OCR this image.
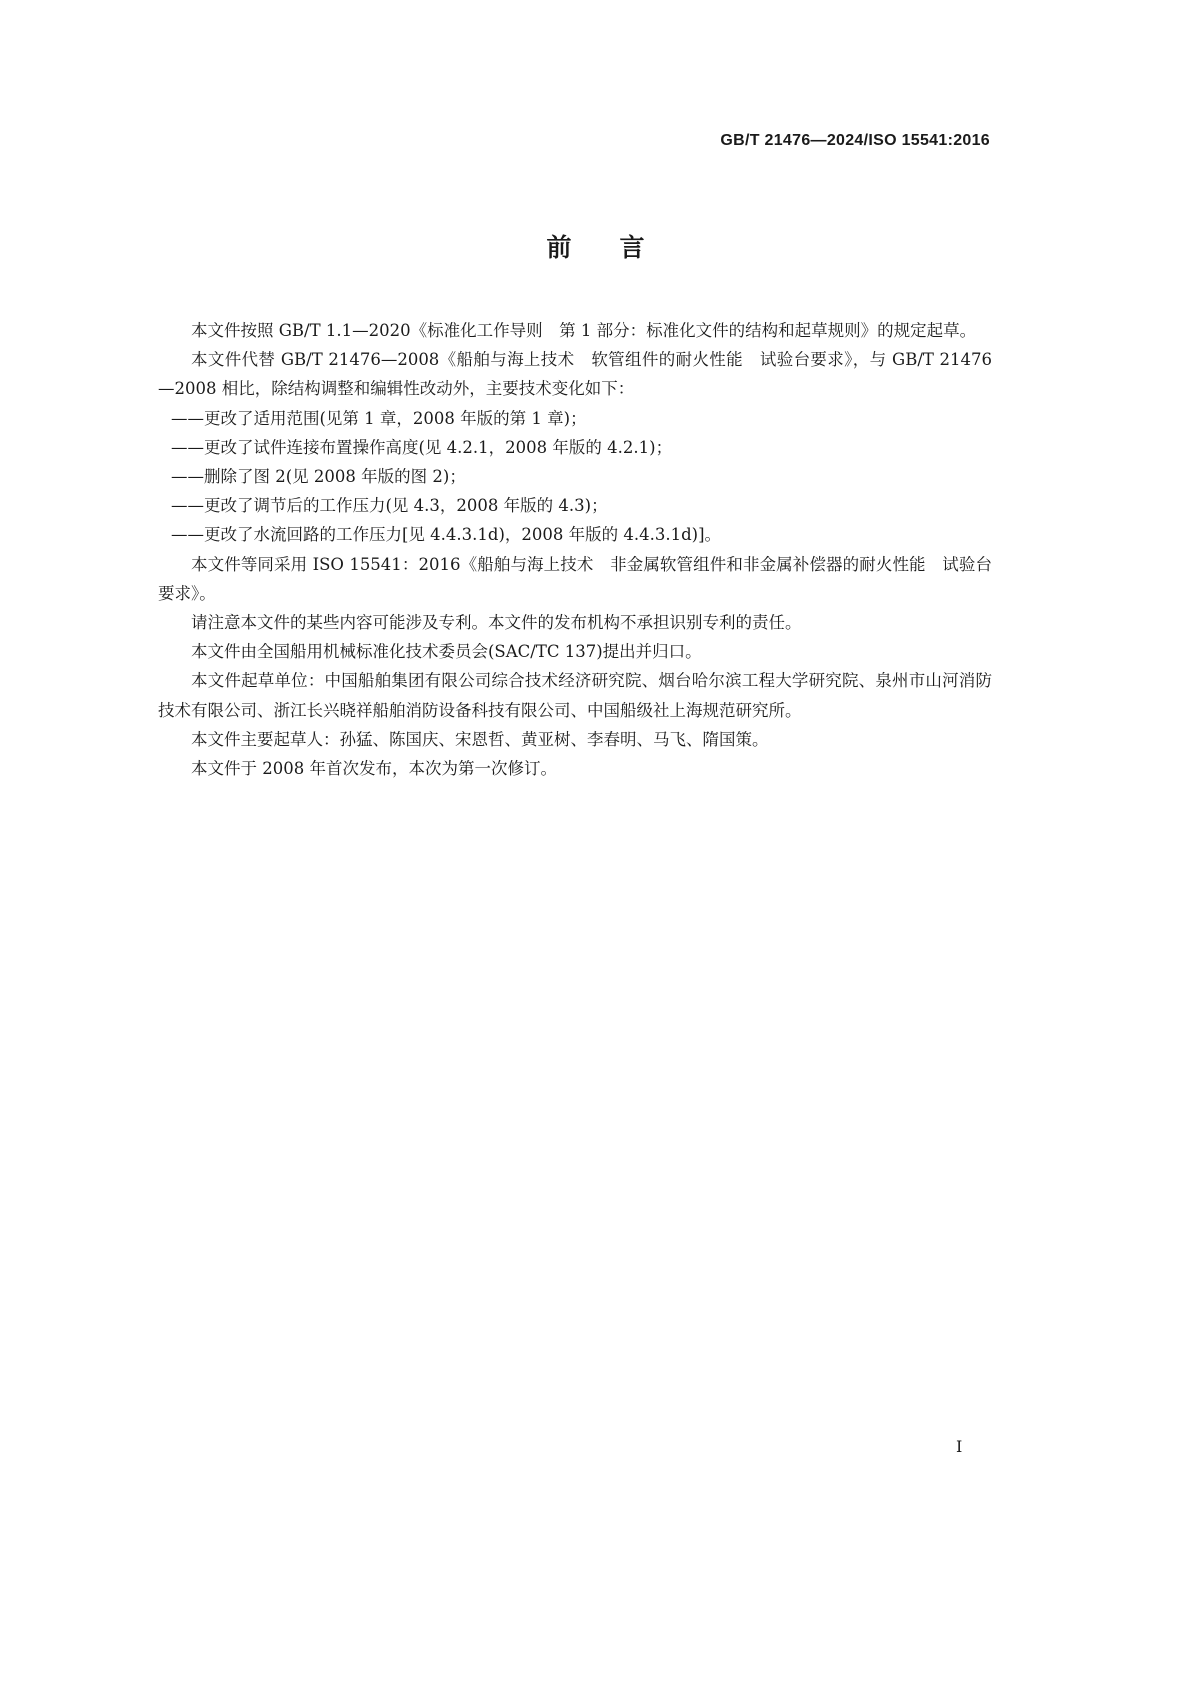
GB/T 21476—2024/ISO 15541:2016
前言

本文件按照 GB/T 1.1—2020《标准化工作导则　第 1 部分：标准化文件的结构和起草规则》的规定起草。

本文件代替 GB/T 21476—2008《船舶与海上技术　软管组件的耐火性能　试验台要求》，与 GB/T 21476—2008 相比，除结构调整和编辑性改动外，主要技术变化如下：

——更改了适用范围(见第 1 章，2008 年版的第 1 章)；

——更改了试件连接布置操作高度(见 4.2.1，2008 年版的 4.2.1)；

——删除了图 2(见 2008 年版的图 2)；

——更改了调节后的工作压力(见 4.3，2008 年版的 4.3)；

——更改了水流回路的工作压力[见 4.4.3.1d)，2008 年版的 4.4.3.1d)]。

本文件等同采用 ISO 15541：2016《船舶与海上技术　非金属软管组件和非金属补偿器的耐火性能　试验台要求》。

请注意本文件的某些内容可能涉及专利。本文件的发布机构不承担识别专利的责任。

本文件由全国船用机械标准化技术委员会(SAC/TC 137)提出并归口。

本文件起草单位：中国船舶集团有限公司综合技术经济研究院、烟台哈尔滨工程大学研究院、泉州市山河消防技术有限公司、浙江长兴晓祥船舶消防设备科技有限公司、中国船级社上海规范研究所。

本文件主要起草人：孙猛、陈国庆、宋恩哲、黄亚树、李春明、马飞、隋国策。

本文件于 2008 年首次发布，本次为第一次修订。

I
